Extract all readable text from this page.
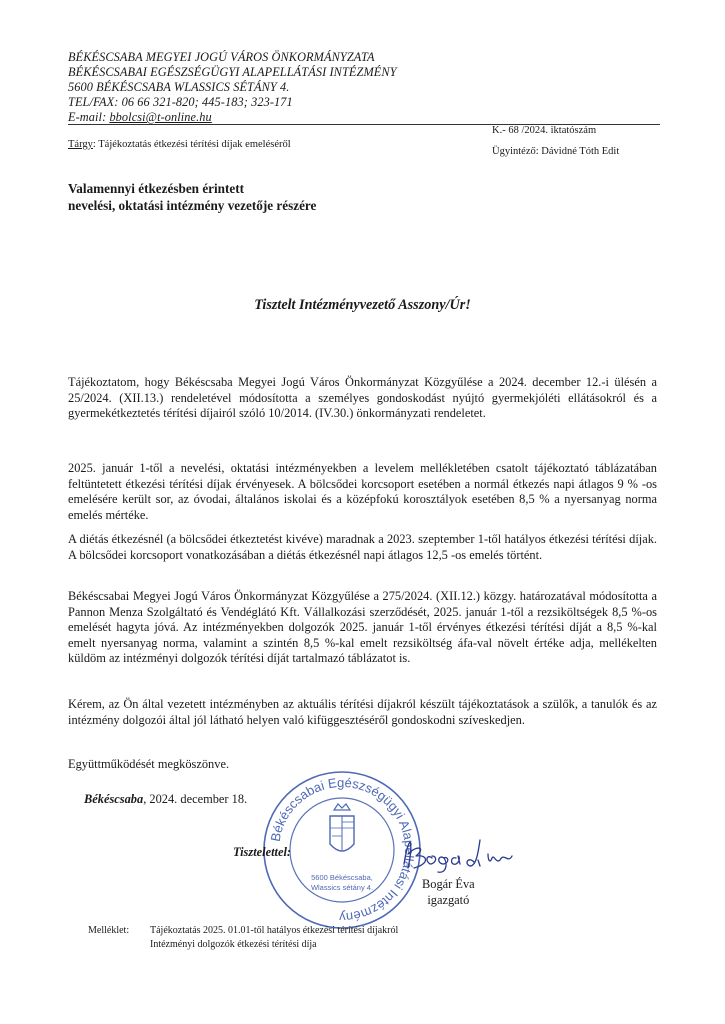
BÉKÉSCSABA MEGYEI JOGÚ VÁROS ÖNKORMÁNYZATA
BÉKÉSCSABAI EGÉSZSÉGÜGYI ALAPELLÁTÁSI INTÉZMÉNY
5600 BÉKÉSCSABA WLASSICS SÉTÁNY 4.
TEL/FAX: 06 66 321-820; 445-183; 323-171
E-mail: bbolcsi@t-online.hu
K.- 68 /2024. iktatószám
Tárgy: Tájékoztatás étkezési térítési díjak emeléséről
Ügyintéző: Dávidné Tóth Edit
Valamennyi étkezésben érintett
nevelési, oktatási intézmény vezetője részére
Tisztelt Intézményvezető Asszony/Úr!
Tájékoztatom, hogy Békéscsaba Megyei Jogú Város Önkormányzat Közgyűlése a 2024. december 12.-i ülésén a 25/2024. (XII.13.) rendeletével módosította a személyes gondoskodást nyújtó gyermekjóléti ellátásokról és a gyermekétkeztetés térítési díjairól szóló 10/2014. (IV.30.) önkormányzati rendeletet.
2025. január 1-től a nevelési, oktatási intézményekben a levelem mellékletében csatolt tájékoztató táblázatában feltüntetett étkezési térítési díjak érvényesek. A bölcsődei korcsoport esetében a normál étkezés napi átlagos 9 % -os emelésére került sor, az óvodai, általános iskolai és a középfokú korosztályok esetében 8,5 % a nyersanyag norma emelés mértéke.
A diétás étkezésnél (a bölcsődei étkeztetést kivéve) maradnak a 2023. szeptember 1-től hatályos étkezési térítési díjak. A bölcsődei korcsoport vonatkozásában a diétás étkezésnél napi átlagos 12,5 -os emelés történt.
Békéscsabai Megyei Jogú Város Önkormányzat Közgyűlése a 275/2024. (XII.12.) közgy. határozatával módosította a Pannon Menza Szolgáltató és Vendéglátó Kft. Vállalkozási szerződését, 2025. január 1-től a rezsiköltségek 8,5 %-os emelését hagyta jóvá. Az intézményekben dolgozók 2025. január 1-től érvényes étkezési térítési díját a 8,5 %-kal emelt nyersanyag norma, valamint a szintén 8,5 %-kal emelt rezsiköltség áfa-val növelt értéke adja, mellékelten küldöm az intézményi dolgozók térítési díját tartalmazó táblázatot is.
Kérem, az Ön által vezetett intézményben az aktuális térítési díjakról készült tájékoztatások a szülők, a tanulók és az intézmény dolgozói által jól látható helyen való kifüggesztéséről gondoskodni szíveskedjen.
Együttműködését megköszönve.
Békéscsaba, 2024. december 18.
Békéscsabai Egészségügyi Alapellátási Intézmény
5600 Békéscsaba,
Wlassics sétány 4.
Tisztelettel:
Bogár Éva
igazgató
Melléklet: Tájékoztatás 2025. 01.01-től hatályos étkezési térítési díjakról
Intézményi dolgozók étkezési térítési díja
